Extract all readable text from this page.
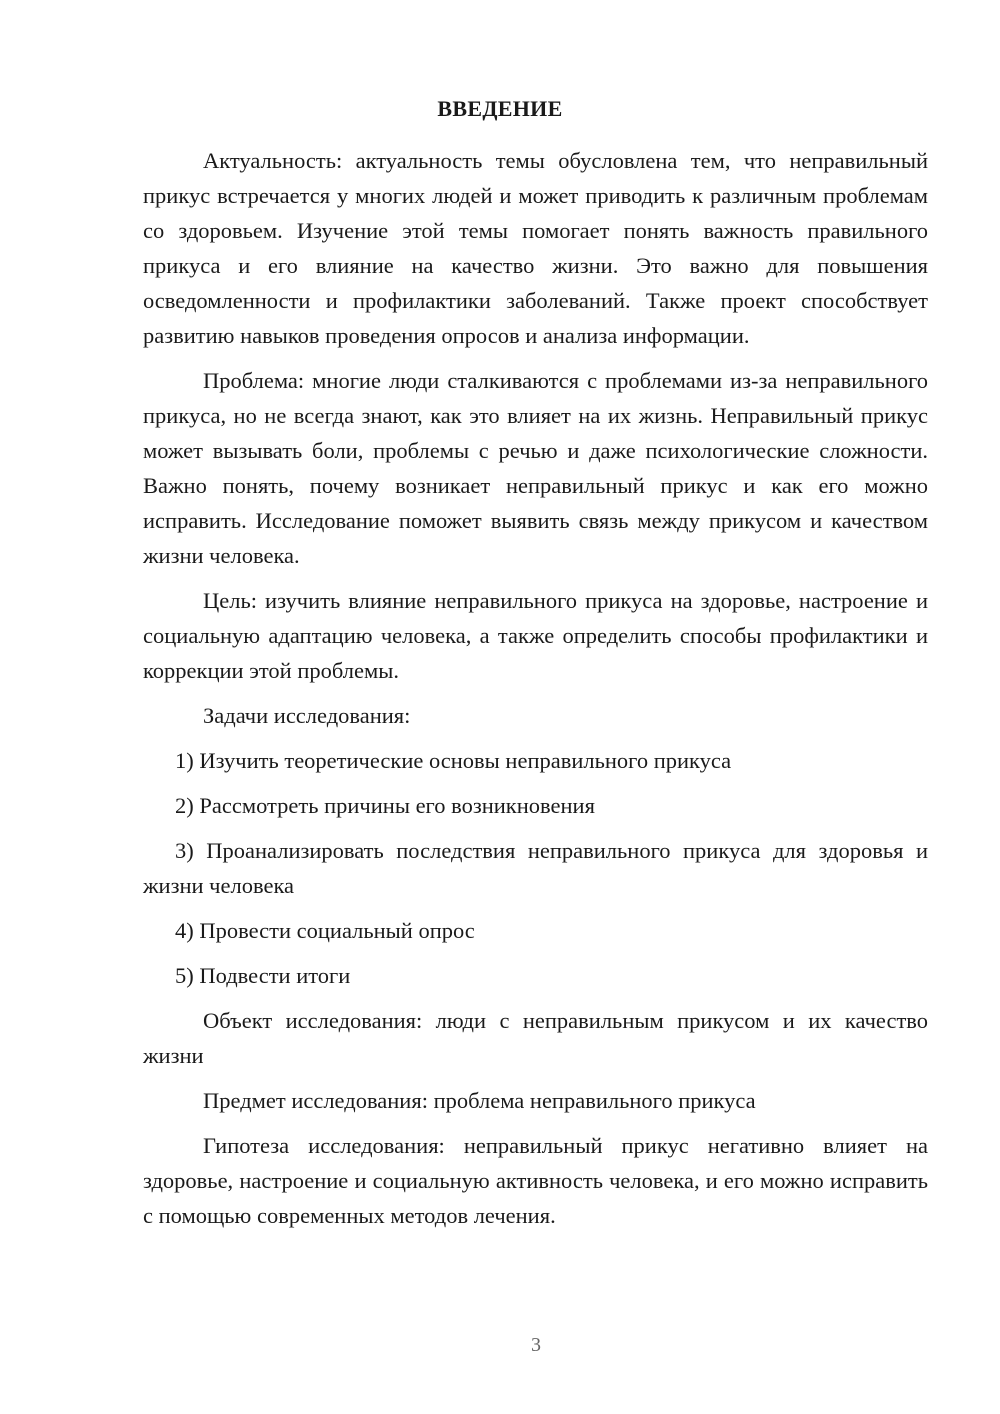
ВВЕДЕНИЕ

Актуальность: актуальность темы обусловлена тем, что неправильный прикус встречается у многих людей и может приводить к различным проблемам со здоровьем. Изучение этой темы помогает понять важность правильного прикуса и его влияние на качество жизни. Это важно для повышения осведомленности и профилактики заболеваний. Также проект способствует развитию навыков проведения опросов и анализа информации.

Проблема: многие люди сталкиваются с проблемами из-за неправильного прикуса, но не всегда знают, как это влияет на их жизнь. Неправильный прикус может вызывать боли, проблемы с речью и даже психологические сложности. Важно понять, почему возникает неправильный прикус и как его можно исправить. Исследование поможет выявить связь между прикусом и качеством жизни человека.

Цель: изучить влияние неправильного прикуса на здоровье, настроение и социальную адаптацию человека, а также определить способы профилактики и коррекции этой проблемы.

Задачи исследования:

1) Изучить теоретические основы неправильного прикуса

2) Рассмотреть причины его возникновения

3) Проанализировать последствия неправильного прикуса для здоровья и жизни человека

4) Провести социальный опрос

5) Подвести итоги

Объект исследования: люди с неправильным прикусом и их качество жизни

Предмет исследования: проблема неправильного прикуса

Гипотеза исследования: неправильный прикус негативно влияет на здоровье, настроение и социальную активность человека, и его можно исправить с помощью современных методов лечения.

3
